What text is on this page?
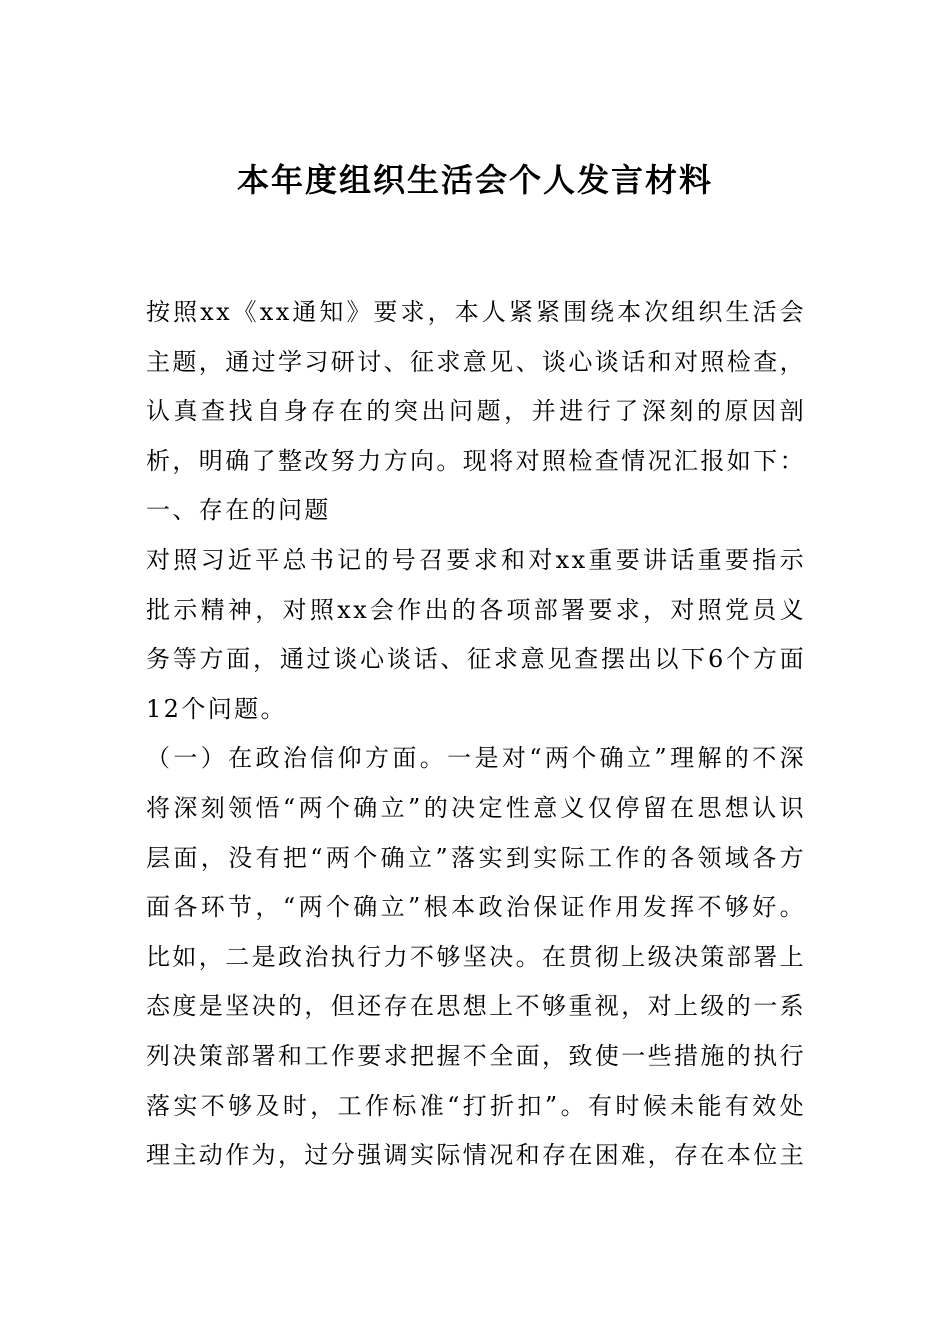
本年度组织生活会个人发言材料

按照xx《xx通知》要求，本人紧紧围绕本次组织生活会主题，通过学习研讨、征求意见、谈心谈话和对照检查，认真查找自身存在的突出问题，并进行了深刻的原因剖析，明确了整改努力方向。现将对照检查情况汇报如下：

一、存在的问题

对照习近平总书记的号召要求和对xx重要讲话重要指示批示精神，对照xx会作出的各项部署要求，对照党员义务等方面，通过谈心谈话、征求意见查摆出以下6个方面12个问题。

（一）在政治信仰方面。一是对“两个确立”理解的不深将深刻领悟“两个确立”的决定性意义仅停留在思想认识层面，没有把“两个确立”落实到实际工作的各领域各方面各环节，“两个确立”根本政治保证作用发挥不够好。比如，二是政治执行力不够坚决。在贯彻上级决策部署上态度是坚决的，但还存在思想上不够重视，对上级的一系列决策部署和工作要求把握不全面，致使一些措施的执行落实不够及时，工作标准“打折扣”。有时候未能有效处理主动作为，过分强调实际情况和存在困难，存在本位主
